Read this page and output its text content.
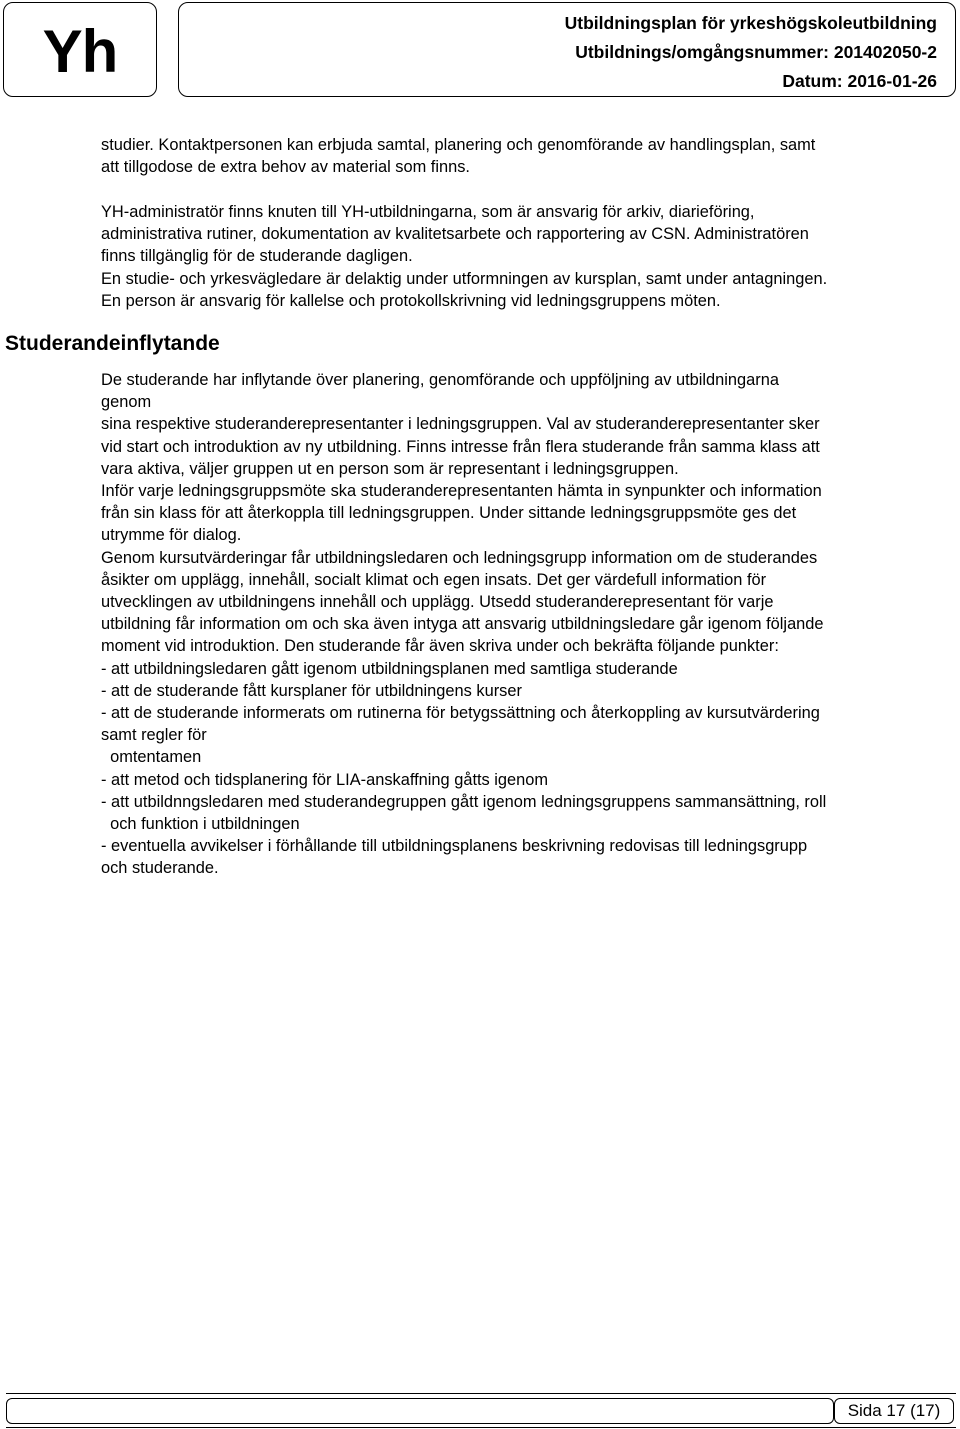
Yh	Utbildningsplan för yrkeshögskoleutbildning
Utbildnings/omgångsnummer: 201402050-2
Datum: 2016-01-26

studier. Kontaktpersonen kan erbjuda samtal, planering och genomförande av handlingsplan, samt

att tillgodose de extra behov av material som finns.

YH-administratör finns knuten till YH-utbildningarna, som är ansvarig för arkiv, diarieföring,

administrativa rutiner, dokumentation av kvalitetsarbete och rapportering av CSN. Administratören

finns tillgänglig för de studerande dagligen.

En studie- och yrkesvägledare är delaktig under utformningen av kursplan, samt under antagningen.

En person är ansvarig för kallelse och protokollskrivning vid ledningsgruppens möten.

Studerandeinflytande

De studerande har inflytande över planering, genomförande och uppföljning av utbildningarna

genom

sina respektive studeranderepresentanter i ledningsgruppen. Val av studeranderepresentanter sker

vid start och introduktion av ny utbildning. Finns intresse från flera studerande från samma klass att

vara aktiva, väljer gruppen ut en person som är representant i ledningsgruppen.

Inför varje ledningsgruppsmöte ska studeranderepresentanten hämta in synpunkter och information

från sin klass för att återkoppla till ledningsgruppen. Under sittande ledningsgruppsmöte ges det

utrymme för dialog.

Genom kursutvärderingar får utbildningsledaren och ledningsgrupp information om de studerandes

åsikter om upplägg, innehåll, socialt klimat och egen insats. Det ger värdefull information för

utvecklingen av utbildningens innehåll och upplägg. Utsedd studeranderepresentant för varje

utbildning får information om och ska även intyga att ansvarig utbildningsledare går igenom följande

moment vid introduktion. Den studerande får även skriva under och bekräfta följande punkter:

- att utbildningsledaren gått igenom utbildningsplanen med samtliga studerande

- att de studerande fått kursplaner för utbildningens kurser

- att de studerande informerats om rutinerna för betygssättning och återkoppling av kursutvärdering

samt regler för

omtentamen

- att metod och tidsplanering för LIA-anskaffning gåtts igenom

- att utbildnngsledaren med studerandegruppen gått igenom ledningsgruppens sammansättning, roll

och funktion i utbildningen

- eventuella avvikelser i förhållande till utbildningsplanens beskrivning redovisas till ledningsgrupp

och studerande.

Sida 17 (17)
